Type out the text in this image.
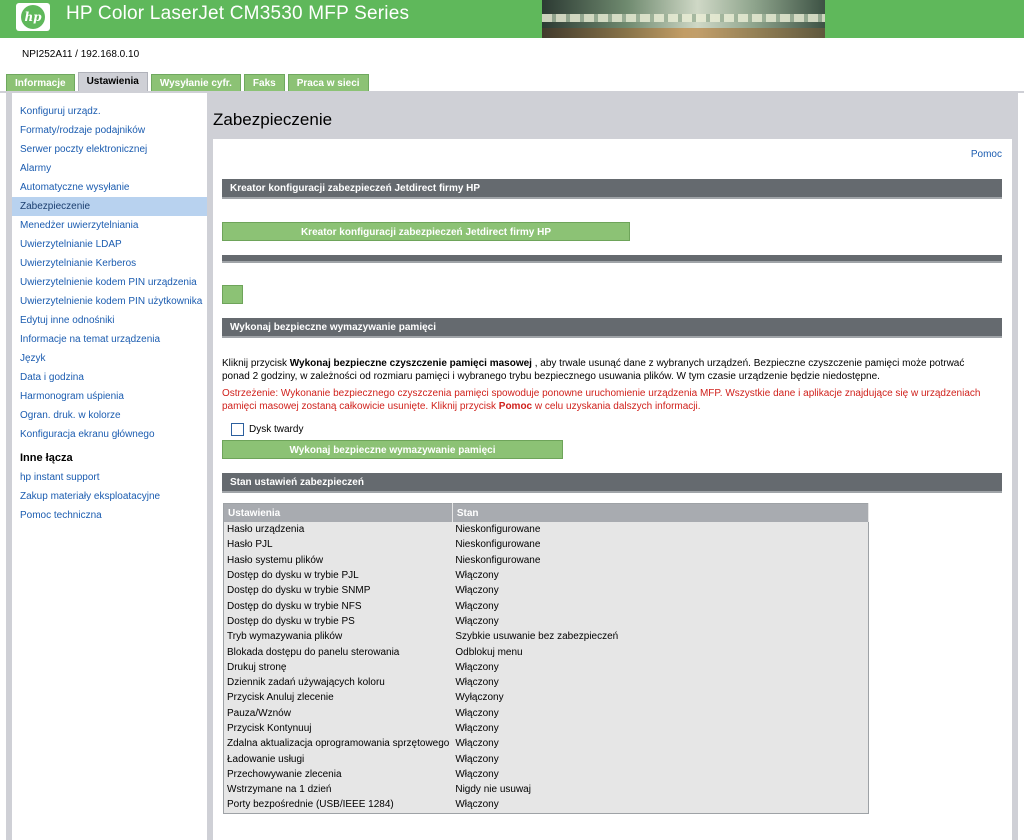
hp HP Color LaserJet CM3530 MFP Series
NPI252A11 / 192.168.0.10
Informacje	Ustawienia	Wysyłanie cyfr.	Faks	Praca w sieci
Konfiguruj urządz.
Formaty/rodzaje podajników
Serwer poczty elektronicznej
Alarmy
Automatyczne wysyłanie
Zabezpieczenie
Menedżer uwierzytelniania
Uwierzytelnianie LDAP
Uwierzytelnianie Kerberos
Uwierzytelnienie kodem PIN urządzenia
Uwierzytelnienie kodem PIN użytkownika
Edytuj inne odnośniki
Informacje na temat urządzenia
Język
Data i godzina
Harmonogram uśpienia
Ogran. druk. w kolorze
Konfiguracja ekranu głównego
Inne łącza
hp instant support
Zakup materiały eksploatacyjne
Pomoc techniczna
Zabezpieczenie
Pomoc
Kreator konfiguracji zabezpieczeń Jetdirect firmy HP
Kreator konfiguracji zabezpieczeń Jetdirect firmy HP
Wykonaj bezpieczne wymazywanie pamięci
Kliknij przycisk Wykonaj bezpieczne czyszczenie pamięci masowej , aby trwale usunąć dane z wybranych urządzeń. Bezpieczne czyszczenie pamięci może potrwać ponad 2 godziny, w zależności od rozmiaru pamięci i wybranego trybu bezpiecznego usuwania plików. W tym czasie urządzenie będzie niedostępne.
Ostrzeżenie: Wykonanie bezpiecznego czyszczenia pamięci spowoduje ponowne uruchomienie urządzenia MFP. Wszystkie dane i aplikacje znajdujące się w urządzeniach pamięci masowej zostaną całkowicie usunięte. Kliknij przycisk Pomoc w celu uzyskania dalszych informacji.
Dysk twardy
Wykonaj bezpieczne wymazywanie pamięci
Stan ustawień zabezpieczeń
Ustawienia	Stan
Hasło urządzenia	Nieskonfigurowane
Hasło PJL	Nieskonfigurowane
Hasło systemu plików	Nieskonfigurowane
Dostęp do dysku w trybie PJL	Włączony
Dostęp do dysku w trybie SNMP	Włączony
Dostęp do dysku w trybie NFS	Włączony
Dostęp do dysku w trybie PS	Włączony
Tryb wymazywania plików	Szybkie usuwanie bez zabezpieczeń
Blokada dostępu do panelu sterowania	Odblokuj menu
Drukuj stronę	Włączony
Dziennik zadań używających koloru	Włączony
Przycisk Anuluj zlecenie	Wyłączony
Pauza/Wznów	Włączony
Przycisk Kontynuuj	Włączony
Zdalna aktualizacja oprogramowania sprzętowego	Włączony
Ładowanie usługi	Włączony
Przechowywanie zlecenia	Włączony
Wstrzymane na 1 dzień	Nigdy nie usuwaj
Porty bezpośrednie (USB/IEEE 1284)	Włączony
